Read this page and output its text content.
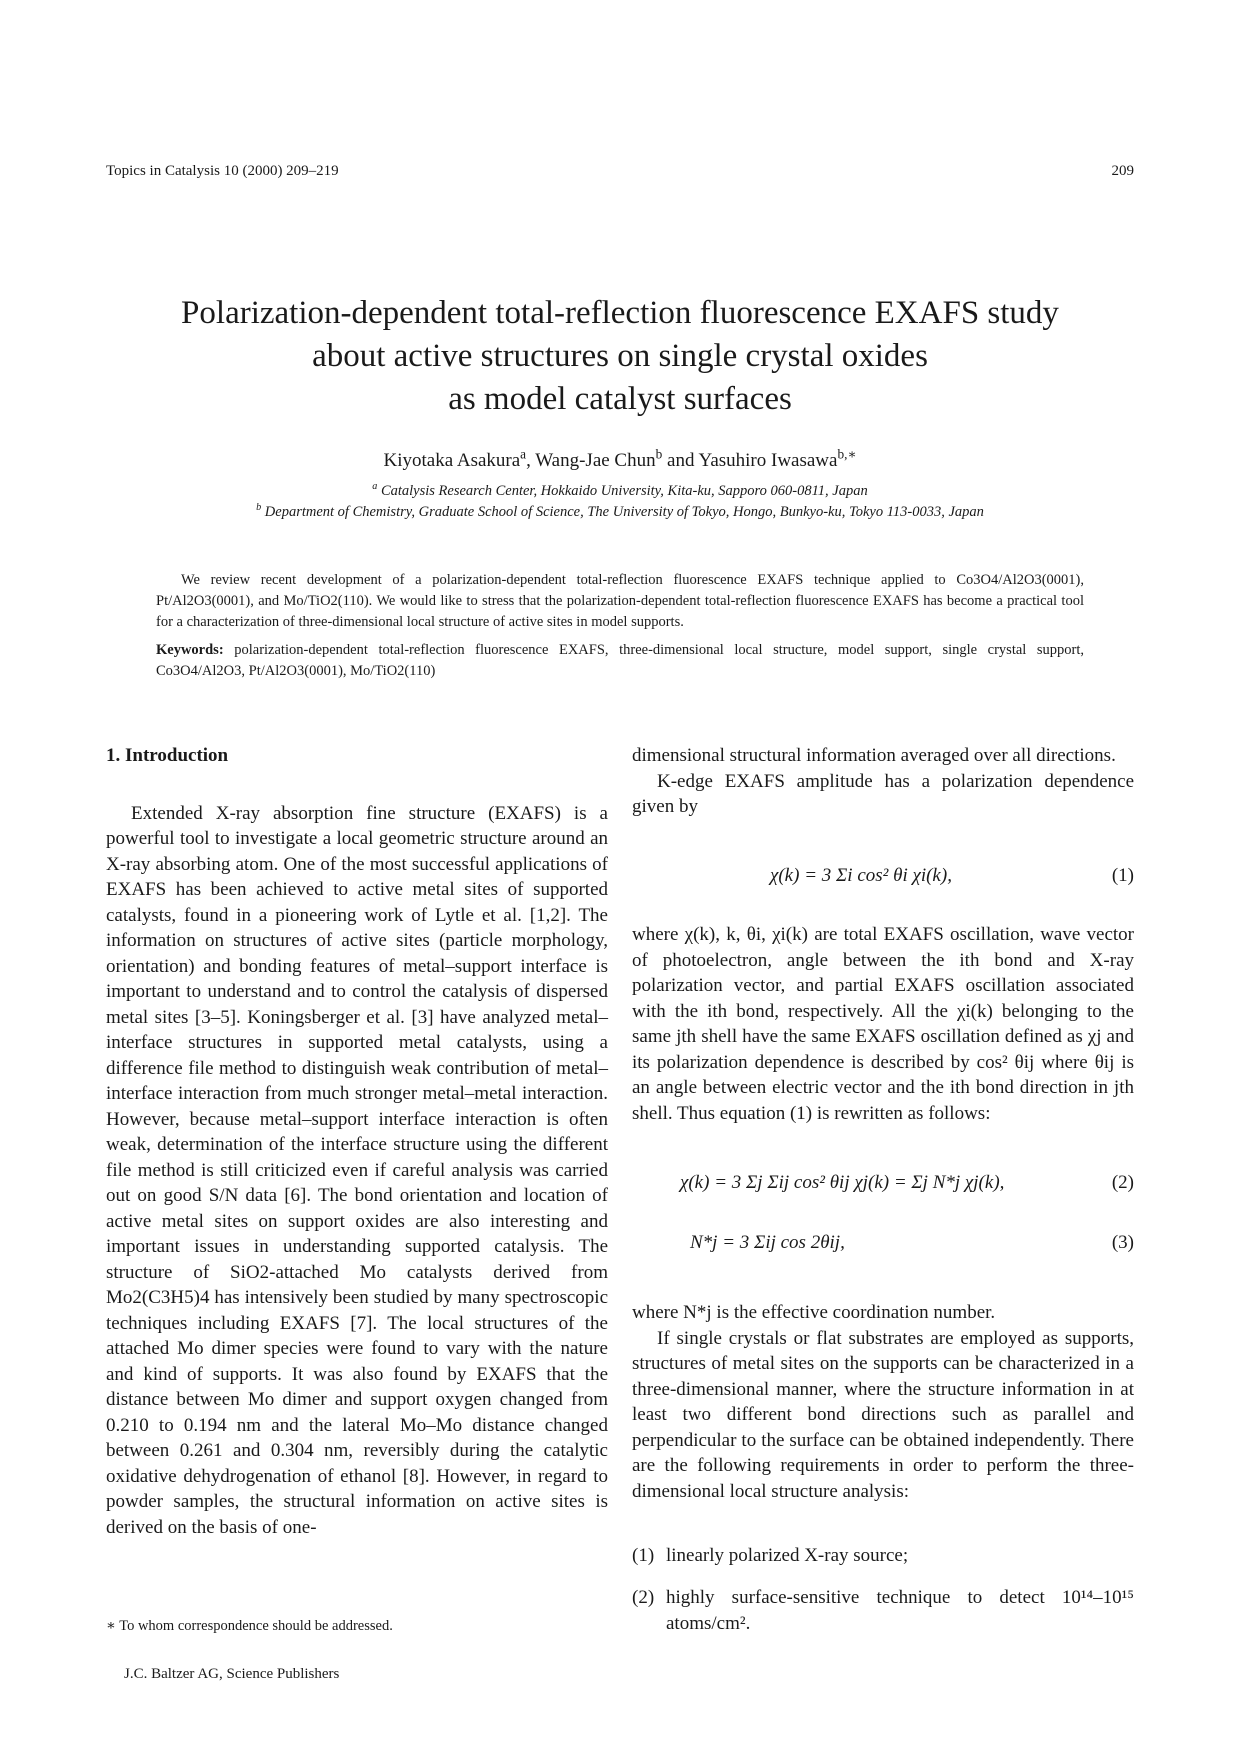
Topics in Catalysis 10 (2000) 209–219	209
Polarization-dependent total-reflection fluorescence EXAFS study
about active structures on single crystal oxides
as model catalyst surfaces
Kiyotaka Asakura$^a$, Wang-Jae Chun$^b$ and Yasuhiro Iwasawa$^{b,∗}$
$^a$ Catalysis Research Center, Hokkaido University, Kita-ku, Sapporo 060-0811, Japan
$^b$ Department of Chemistry, Graduate School of Science, The University of Tokyo, Hongo, Bunkyo-ku, Tokyo 113-0033, Japan
We review recent development of a polarization-dependent total-reflection fluorescence EXAFS technique applied to Co3O4/Al2O3(0001), Pt/Al2O3(0001), and Mo/TiO2(110). We would like to stress that the polarization-dependent total-reflection fluorescence EXAFS has become a practical tool for a characterization of three-dimensional local structure of active sites in model supports.
Keywords: polarization-dependent total-reflection fluorescence EXAFS, three-dimensional local structure, model support, single crystal support, Co3O4/Al2O3, Pt/Al2O3(0001), Mo/TiO2(110)
1. Introduction

Extended X-ray absorption fine structure (EXAFS) is a powerful tool to investigate a local geometric structure around an X-ray absorbing atom. One of the most successful applications of EXAFS has been achieved to active metal sites of supported catalysts, found in a pioneering work of Lytle et al. [1,2]. The information on structures of active sites (particle morphology, orientation) and bonding features of metal–support interface is important to understand and to control the catalysis of dispersed metal sites [3–5]. Koningsberger et al. [3] have analyzed metal–interface structures in supported metal catalysts, using a difference file method to distinguish weak contribution of metal–interface interaction from much stronger metal–metal interaction. However, because metal–support interface interaction is often weak, determination of the interface structure using the different file method is still criticized even if careful analysis was carried out on good S/N data [6]. The bond orientation and location of active metal sites on support oxides are also interesting and important issues in understanding supported catalysis. The structure of SiO2-attached Mo catalysts derived from Mo2(C3H5)4 has intensively been studied by many spectroscopic techniques including EXAFS [7]. The local structures of the attached Mo dimer species were found to vary with the nature and kind of supports. It was also found by EXAFS that the distance between Mo dimer and support oxygen changed from 0.210 to 0.194 nm and the lateral Mo–Mo distance changed between 0.261 and 0.304 nm, reversibly during the catalytic oxidative dehydrogenation of ethanol [8]. However, in regard to powder samples, the structural information on active sites is derived on the basis of one-

∗ To whom correspondence should be addressed.
J.C. Baltzer AG, Science Publishers
dimensional structural information averaged over all directions.

K-edge EXAFS amplitude has a polarization dependence given by

χ(k) = 3 Σi cos² θi χi(k),	(1)
where χ(k), k, θi, χi(k) are total EXAFS oscillation, wave vector of photoelectron, angle between the ith bond and X-ray polarization vector, and partial EXAFS oscillation associated with the ith bond, respectively. All the χi(k) belonging to the same jth shell have the same EXAFS oscillation defined as χj and its polarization dependence is described by cos² θij where θij is an angle between electric vector and the ith bond direction in jth shell. Thus equation (1) is rewritten as follows:
χ(k) = 3 Σj Σij cos² θij χj(k) = Σj N*j χj(k),	(2)
N*j = 3 Σij cos 2θij,	(3)
where N*j is the effective coordination number.

If single crystals or flat substrates are employed as supports, structures of metal sites on the supports can be characterized in a three-dimensional manner, where the structure information in at least two different bond directions such as parallel and perpendicular to the surface can be obtained independently. There are the following requirements in order to perform the three-dimensional local structure analysis:

(1) linearly polarized X-ray source;
(2) highly surface-sensitive technique to detect 10¹⁴–10¹⁵ atoms/cm².
